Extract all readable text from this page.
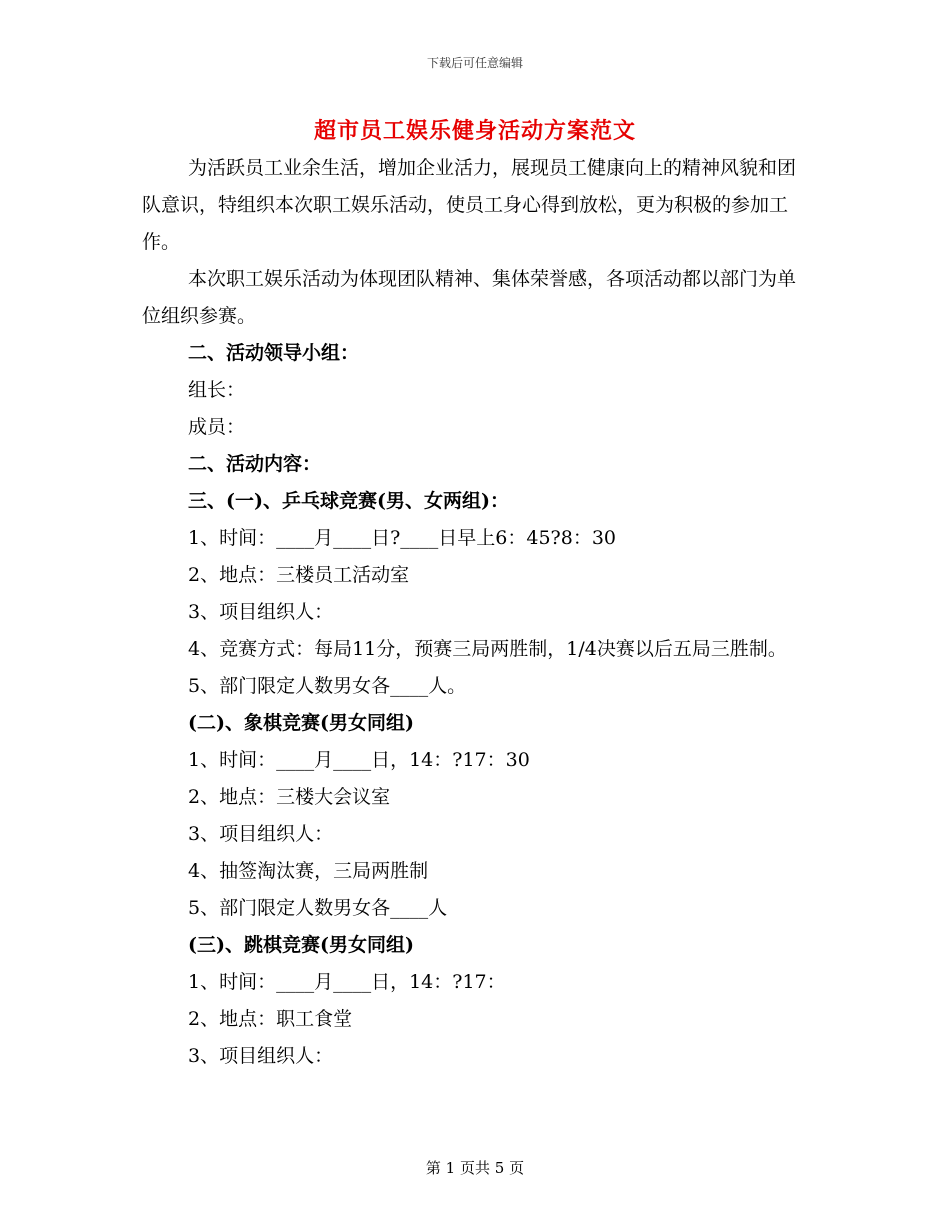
下载后可任意编辑
超市员工娱乐健身活动方案范文

为活跃员工业余生活，增加企业活力，展现员工健康向上的精神风貌和团队意识，特组织本次职工娱乐活动，使员工身心得到放松，更为积极的参加工作。

本次职工娱乐活动为体现团队精神、集体荣誉感，各项活动都以部门为单位组织参赛。

二、活动领导小组：

组长：

成员：

二、活动内容：

三、(一)、乒乓球竞赛(男、女两组)：

1、时间：____月____日?____日早上6：45?8：30

2、地点：三楼员工活动室

3、项目组织人：

4、竞赛方式：每局11分，预赛三局两胜制，1/4决赛以后五局三胜制。

5、部门限定人数男女各____人。

(二)、象棋竞赛(男女同组)

1、时间：____月____日，14：?17：30

2、地点：三楼大会议室

3、项目组织人：

4、抽签淘汰赛，三局两胜制

5、部门限定人数男女各____人

(三)、跳棋竞赛(男女同组)

1、时间：____月____日，14：?17：

2、地点：职工食堂

3、项目组织人：

第 1 页共 5 页
